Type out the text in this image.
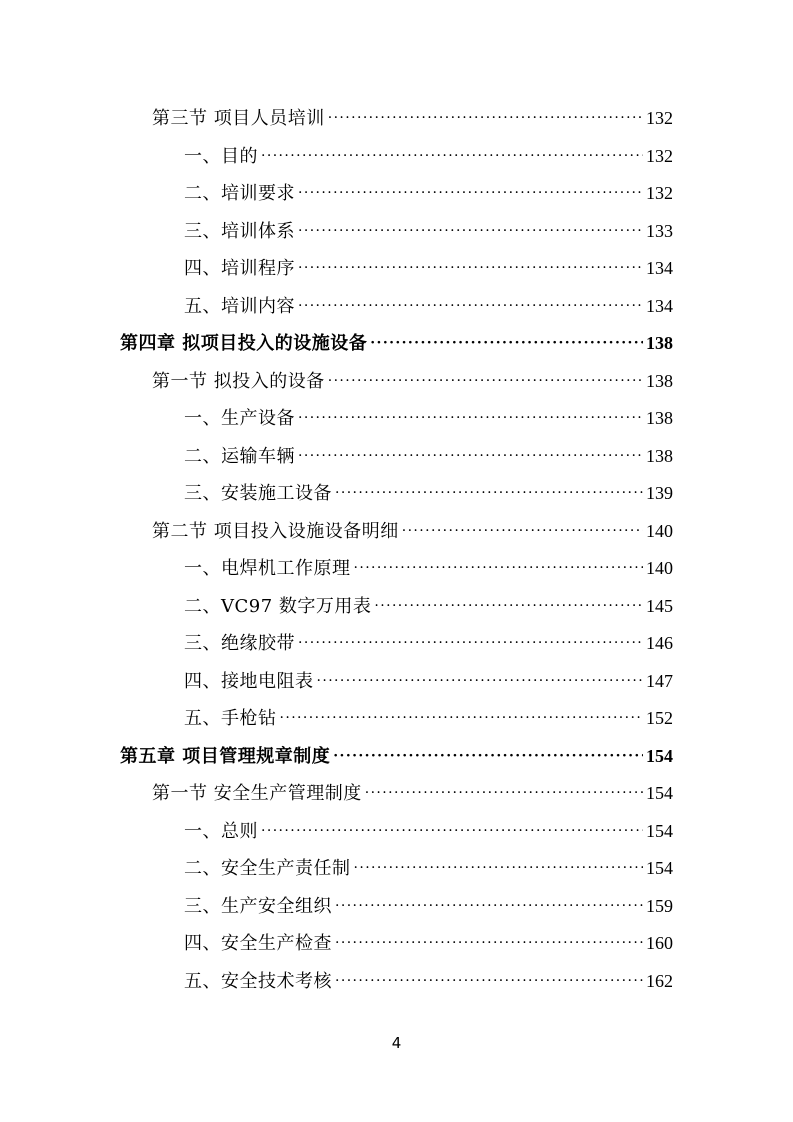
第三节 项目人员培训 ·····	132
一、目的 ·····	132
二、培训要求 ·····	132
三、培训体系 ·····	133
四、培训程序 ·····	134
五、培训内容 ·····	134
第四章 拟项目投入的设施设备 ·····	138
第一节 拟投入的设备 ·····	138
一、生产设备 ·····	138
二、运输车辆 ·····	138
三、安装施工设备 ·····	139
第二节 项目投入设施设备明细 ·····	140
一、电焊机工作原理 ·····	140
二、VC97 数字万用表 ·····	145
三、绝缘胶带 ·····	146
四、接地电阻表 ·····	147
五、手枪钻 ·····	152
第五章 项目管理规章制度 ·····	154
第一节 安全生产管理制度 ·····	154
一、总则 ·····	154
二、安全生产责任制 ·····	154
三、生产安全组织 ·····	159
四、安全生产检查 ·····	160
五、安全技术考核 ·····	162
4
